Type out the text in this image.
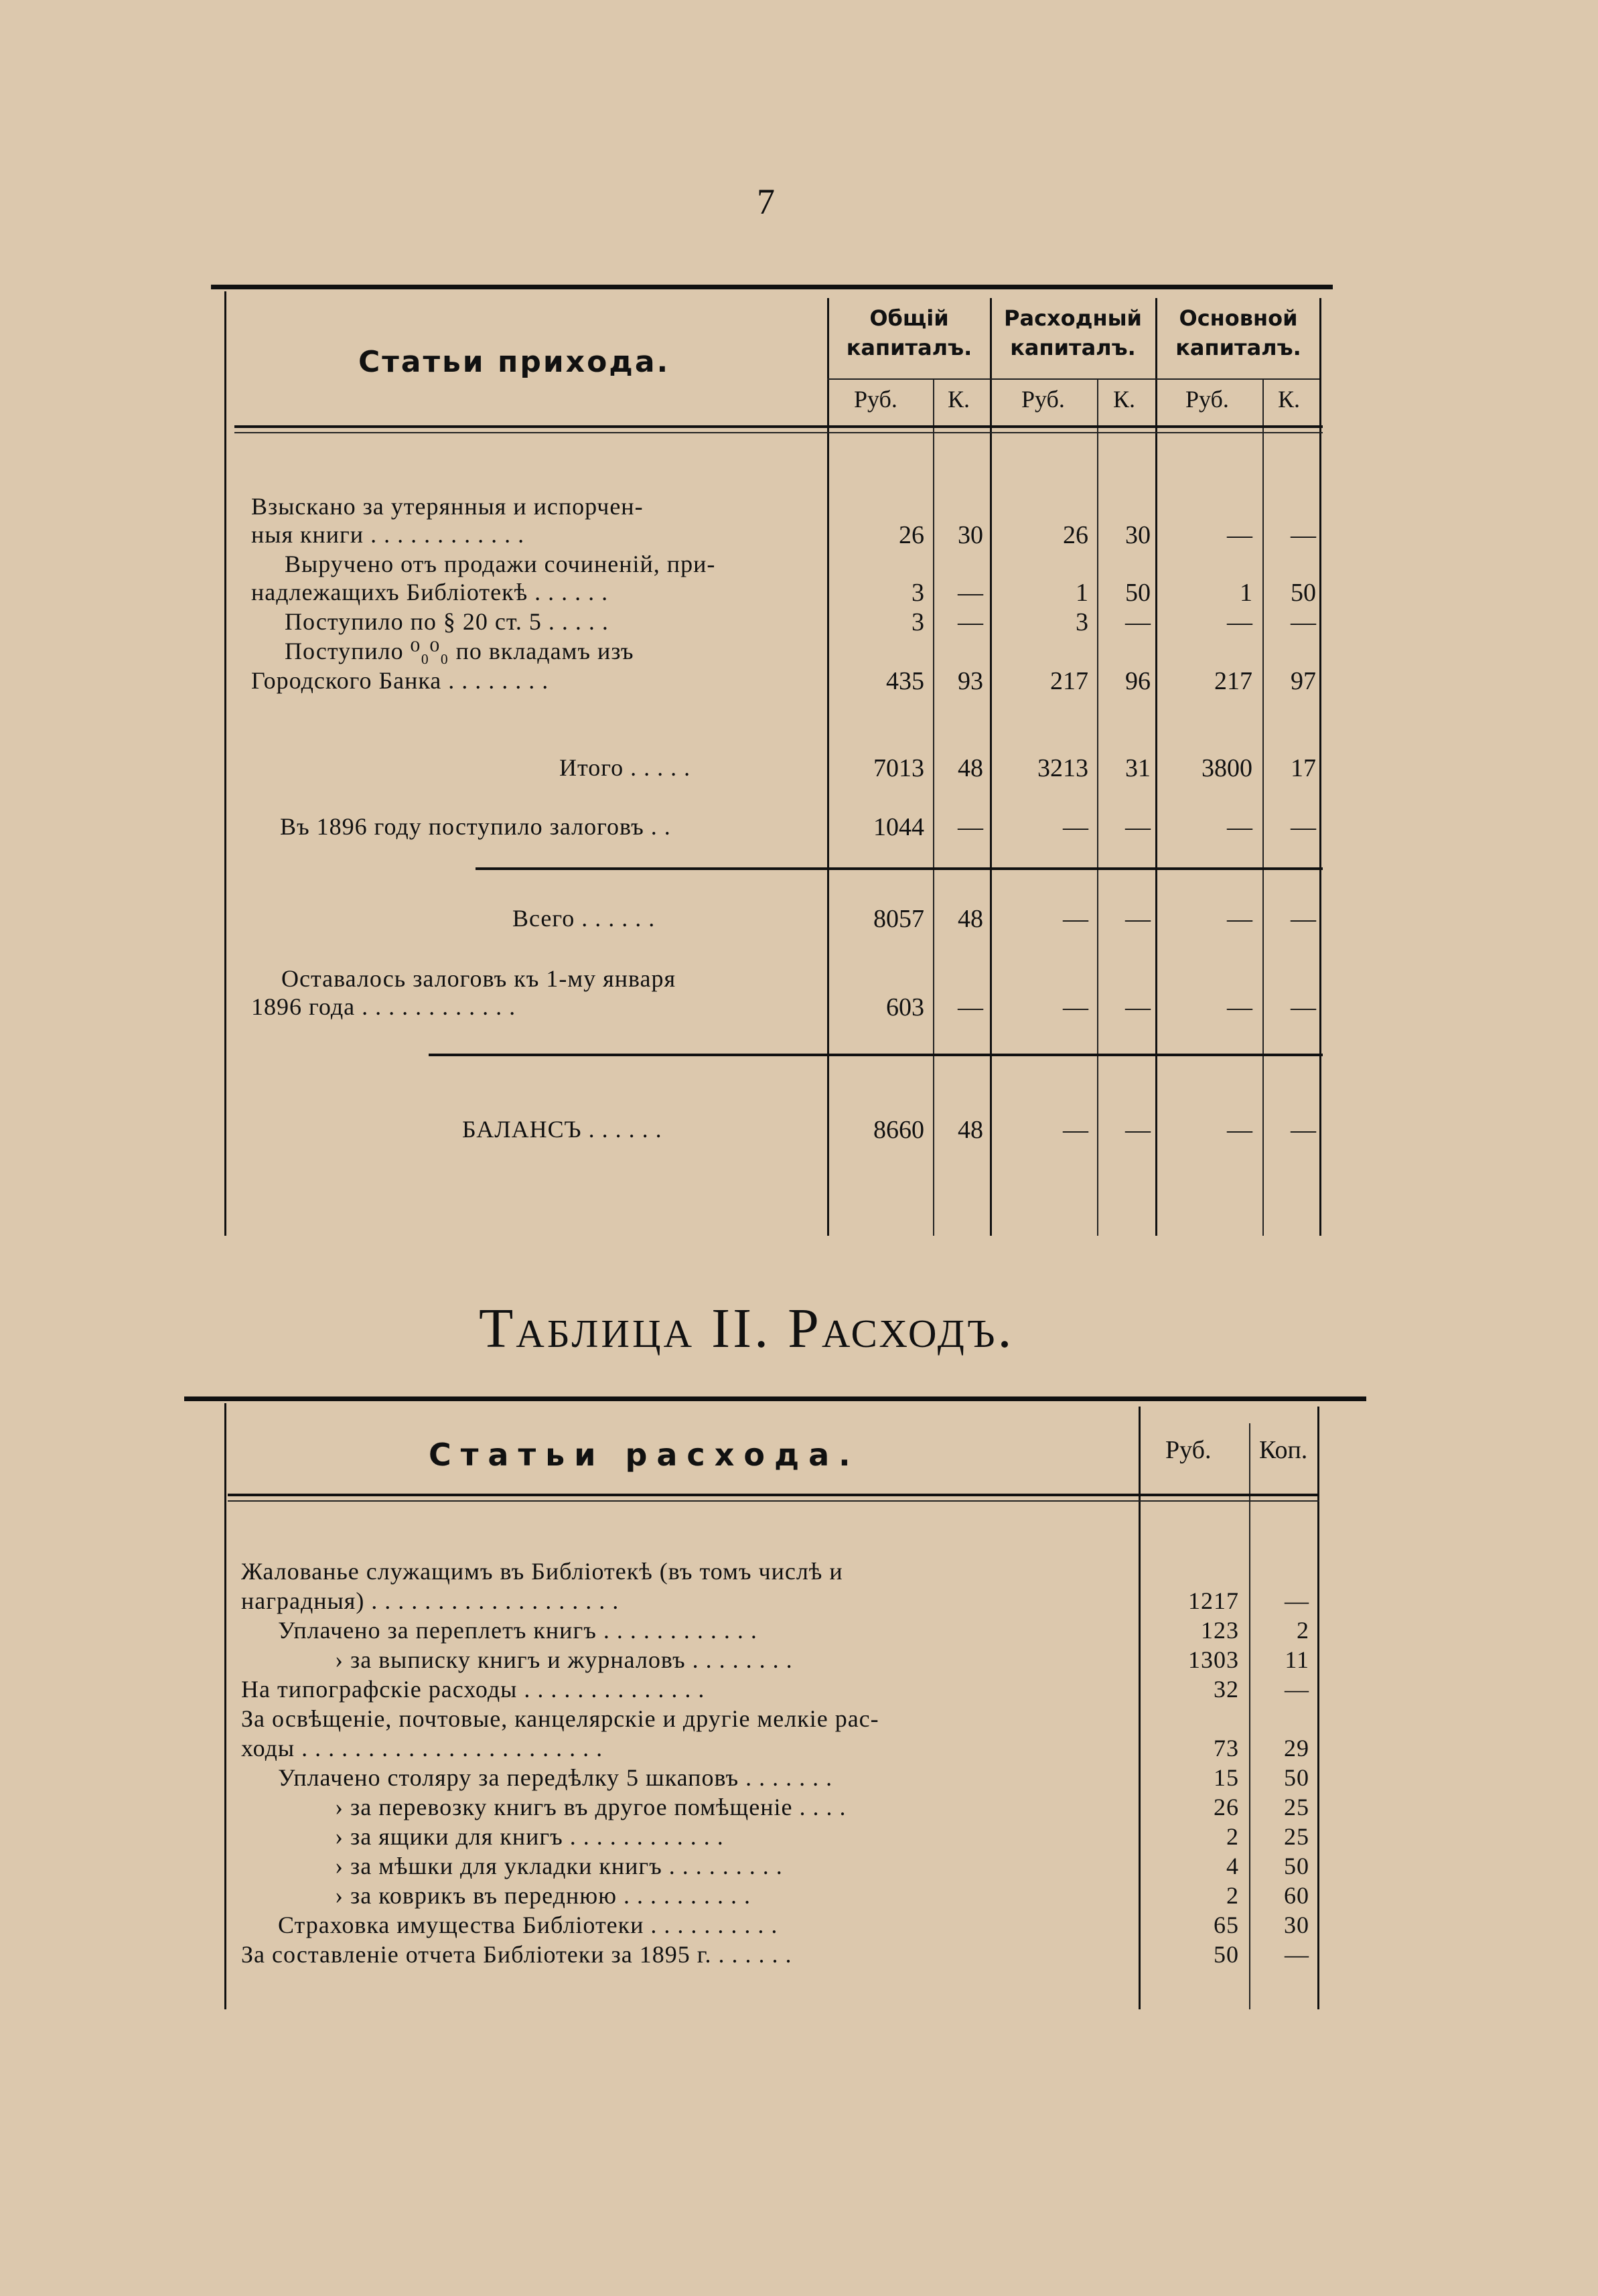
7
Статьи прихода.
Общій капиталъ.
Расходный капиталъ.
Основной капиталъ.
Руб. К. Руб. К. Руб. К.
Взыскано за утерянныя и испорчен-
ныя книги . . . . . . . . . . . .	26	30	26	30	—	—
Выручено отъ продажи сочиненій, при-
надлежащихъ Библіотекѣ . . . . . .	3	—	1	50	1	50
Поступило по § 20 ст. 5 . . . . .	3	—	3	—	—	—
Поступило ⁰₀⁰₀ по вкладамъ изъ
Городского Банка . . . . . . . .	435	93	217	96	217	97
Итого . . . . .	7013	48	3213	31	3800	17
Въ 1896 году поступило залоговъ . .	1044	—	—	—	—	—
Всего . . . . . .	8057	48	—	—	—	—
Оставалось залоговъ къ 1-му января
1896 года . . . . . . . . . . . .	603	—	—	—	—	—
БАЛАНСЪ . . . . . .	8660	48	—	—	—	—
Таблица II. Расходъ.
Статьи расхода.	Руб. Коп.
Жалованье служащимъ въ Библіотекѣ (въ томъ числѣ и
наградныя) . . . . . . . . . . . . . . . . . . .	1217	—
Уплачено за переплетъ книгъ . . . . . . . . . . . .	123	2
› за выписку книгъ и журналовъ . . . . . . . .	1303	11
На типографскіе расходы . . . . . . . . . . . . . .	32	—
За освѣщеніе, почтовые, канцелярскіе и другіе мелкіе рас-
ходы . . . . . . . . . . . . . . . . . . . . . . .	73	29
Уплачено столяру за передѣлку 5 шкаповъ . . . . . . .	15	50
› за перевозку книгъ въ другое помѣщеніе . . . .	26	25
› за ящики для книгъ . . . . . . . . . . . .	2	25
› за мѣшки для укладки книгъ . . . . . . . . .	4	50
› за коврикъ въ переднюю . . . . . . . . . .	2	60
Страховка имущества Библіотеки . . . . . . . . . .	65	30
За составленіе отчета Библіотеки за 1895 г. . . . . . .	50	—
